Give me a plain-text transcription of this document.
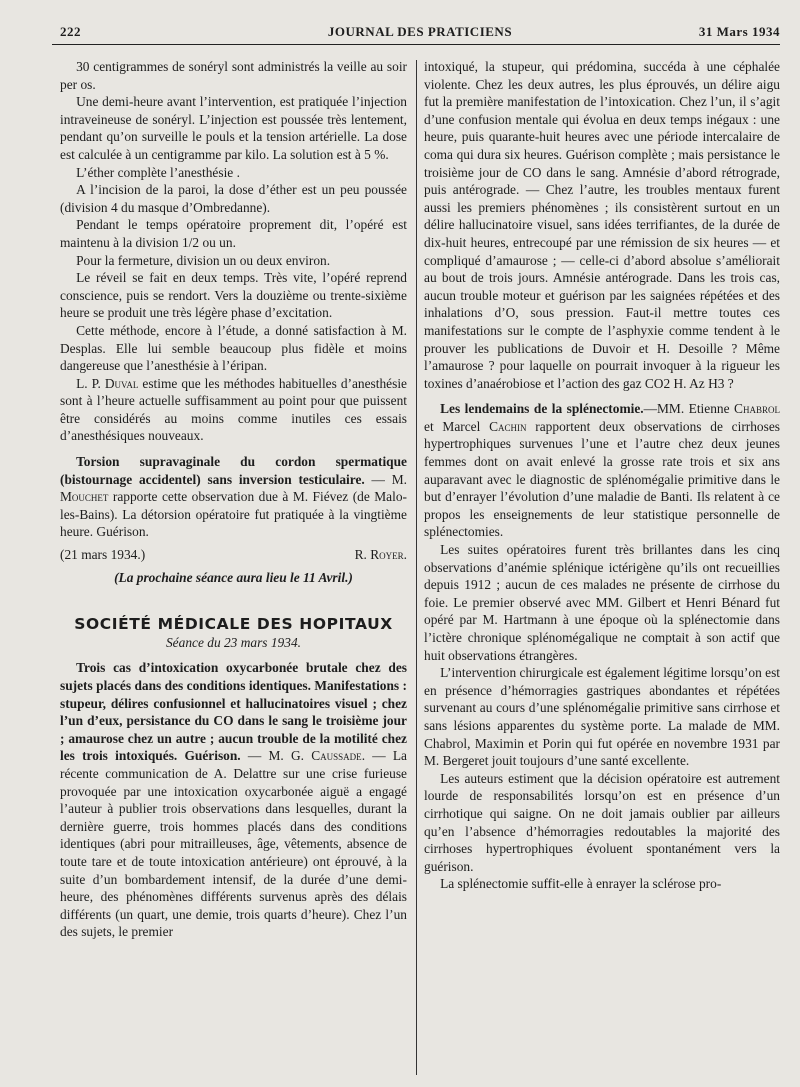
222	JOURNAL DES PRATICIENS	31 Mars 1934

30 centigrammes de sonéryl sont administrés la veille au soir per os.

Une demi-heure avant l’intervention, est pratiquée l’injection intraveineuse de sonéryl. L’injection est poussée très lentement, pendant qu’on surveille le pouls et la tension artérielle. La dose est calculée à un centigramme par kilo. La solution est à 5 %.

L’éther complète l’anesthésie .

A l’incision de la paroi, la dose d’éther est un peu poussée (division 4 du masque d’Ombredanne).

Pendant le temps opératoire proprement dit, l’opéré est maintenu à la division 1/2 ou un.

Pour la fermeture, division un ou deux environ.

Le réveil se fait en deux temps. Très vite, l’opéré reprend conscience, puis se rendort. Vers la douzième ou trente-sixième heure se produit une très légère phase d’excitation.

Cette méthode, encore à l’étude, a donné satisfaction à M. Desplas. Elle lui semble beaucoup plus fidèle et moins dangereuse que l’anesthésie à l’éripan.

L. P. Duval estime que les méthodes habituelles d’anesthésie sont à l’heure actuelle suffisamment au point pour que puissent être considérés au moins comme inutiles ces essais d’anesthésiques nouveaux.

Torsion supravaginale du cordon spermatique (bistournage accidentel) sans inversion testiculaire. — M. Mouchet rapporte cette observation due à M. Fiévez (de Malo-les-Bains). La détorsion opératoire fut pratiquée à la vingtième heure. Guérison.

(21 mars 1934.)	R. Royer.
(La prochaine séance aura lieu le 11 Avril.)
SOCIÉTÉ MÉDICALE DES HOPITAUX
Séance du 23 mars 1934.

Trois cas d’intoxication oxycarbonée brutale chez des sujets placés dans des conditions identiques. Manifestations : stupeur, délires confusionnel et hallucinatoires visuel ; chez l’un d’eux, persistance du CO dans le sang le troisième jour ; amaurose chez un autre ; aucun trouble de la motilité chez les trois intoxiqués. Guérison. — M. G. Caussade. — La récente communication de A. Delattre sur une crise furieuse provoquée par une intoxication oxycarbonée aiguë a engagé l’auteur à publier trois observations dans lesquelles, durant la dernière guerre, trois hommes placés dans des conditions identiques (abri pour mitrailleuses, âge, vêtements, absence de toute tare et de toute intoxication antérieure) ont éprouvé, à la suite d’un bombardement intensif, de la durée d’une demi-heure, des phénomènes différents survenus après des délais différents (un quart, une demie, trois quarts d’heure). Chez l’un des sujets, le premier

intoxiqué, la stupeur, qui prédomina, succéda à une céphalée violente. Chez les deux autres, les plus éprouvés, un délire aigu fut la première manifestation de l’intoxication. Chez l’un, il s’agit d’une confusion mentale qui évolua en deux temps inégaux : une heure, puis quarante-huit heures avec une période intercalaire de coma qui dura six heures. Guérison complète ; mais persistance le troisième jour de CO dans le sang. Amnésie d’abord rétrograde, puis antérograde. — Chez l’autre, les troubles mentaux furent aussi les premiers phénomènes ; ils consistèrent surtout en un délire hallucinatoire visuel, sans idées terrifiantes, de la durée de dix-huit heures, entrecoupé par une rémission de six heures — et compliqué d’amaurose ; — celle-ci d’abord absolue s’améliorait au bout de trois jours. Amnésie antérograde. Dans les trois cas, aucun trouble moteur et guérison par les saignées répétées et des inhalations d’O, sous pression. Faut-il mettre toutes ces manifestations sur le compte de l’asphyxie comme tendent à le prouver les publications de Duvoir et H. Desoille ? Même l’amaurose ? pour laquelle on pourrait invoquer à la rigueur les toxines d’anaérobiose et l’action des gaz CO2 H. Az H3 ?

Les lendemains de la splénectomie.—MM. Etienne Chabrol et Marcel Cachin rapportent deux observations de cirrhoses hypertrophiques survenues l’une et l’autre chez deux jeunes femmes dont on avait enlevé la grosse rate trois et six ans auparavant avec le diagnostic de splénomégalie primitive dans le but d’enrayer l’évolution d’une maladie de Banti. Ils relatent à ce propos les enseignements de leur statistique personnelle de splénectomies.

Les suites opératoires furent très brillantes dans les cinq observations d’anémie splénique ictérigène qu’ils ont recueillies depuis 1912 ; aucun de ces malades ne présente de cirrhose du foie. Le premier observé avec MM. Gilbert et Henri Bénard fut opéré par M. Hartmann à une époque où la splénectomie dans l’ictère chronique splénomégalique ne comptait à son actif que huit observations étrangères.

L’intervention chirurgicale est également légitime lorsqu’on est en présence d’hémorragies gastriques abondantes et répétées survenant au cours d’une splénomégalie primitive sans cirrhose et sans lésions apparentes du système porte. La malade de MM. Chabrol, Maximin et Porin qui fut opérée en novembre 1931 par M. Bergeret jouit toujours d’une santé excellente.

Les auteurs estiment que la décision opératoire est autrement lourde de responsabilités lorsqu’on est en présence d’un cirrhotique qui saigne. On ne doit jamais oublier par ailleurs qu’en l’absence d’hémorragies redoutables la majorité des cirrhoses hypertrophiques évoluent spontanément vers la guérison.

La splénectomie suffit-elle à enrayer la sclérose pro-
